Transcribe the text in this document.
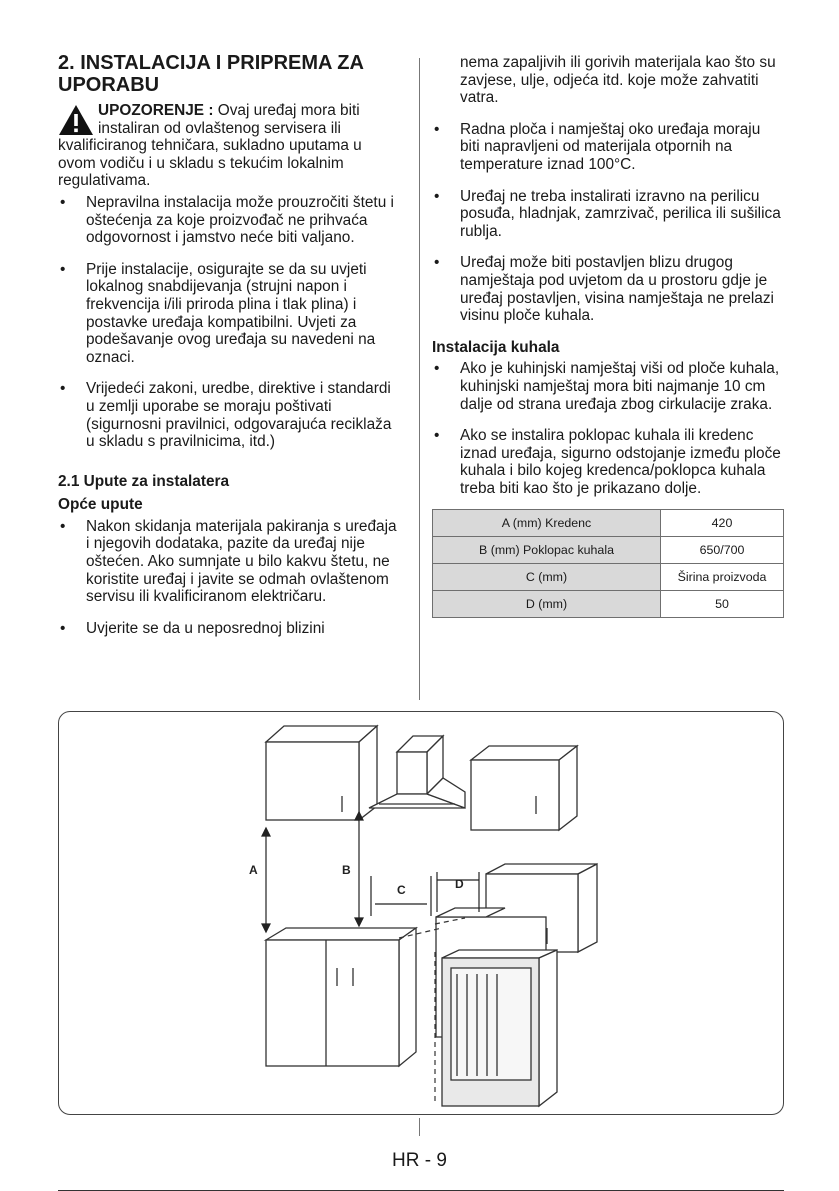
2. INSTALACIJA I PRIPREMA ZA UPORABU
UPOZORENJE : Ovaj uređaj mora biti instaliran od ovlaštenog servisera ili kvalificiranog tehničara, sukladno uputama u ovom vodiču i u skladu s tekućim lokalnim regulativama.
• Nepravilna instalacija može prouzročiti štetu i oštećenja za koje proizvođač ne prihvaća odgovornost i jamstvo neće biti valjano.
• Prije instalacije, osigurajte se da su uvjeti lokalnog snabdijevanja (strujni napon i frekvencija i/ili priroda plina i tlak plina) i postavke uređaja kompatibilni. Uvjeti za podešavanje ovog uređaja su navedeni na oznaci.
• Vrijedeći zakoni, uredbe, direktive i standardi u zemlji uporabe se moraju poštivati (sigurnosni pravilnici, odgovarajuća reciklaža u skladu s pravilnicima, itd.)

2.1 Upute za instalatera

Opće upute

• Nakon skidanja materijala pakiranja s uređaja i njegovih dodataka, pazite da uređaj nije oštećen. Ako sumnjate u bilo kakvu štetu, ne koristite uređaj i javite se odmah ovlaštenom servisu ili kvalificiranom električaru.
• Uvjerite se da u neposrednoj blizini
nema zapaljivih ili gorivih materijala kao što su zavjese, ulje, odjeća itd. koje može zahvatiti vatra.
• Radna ploča i namještaj oko uređaja moraju biti napravljeni od materijala otpornih na temperature iznad 100°C.
• Uređaj ne treba instalirati izravno na perilicu posuđa, hladnjak, zamrzivač, perilica ili sušilica rublja.
• Uređaj može biti postavljen blizu drugog namještaja pod uvjetom da u prostoru gdje je uređaj postavljen, visina namještaja ne prelazi visinu ploče kuhala.

Instalacija kuhala

• Ako je kuhinjski namještaj viši od ploče kuhala, kuhinjski namještaj mora biti najmanje 10 cm dalje od strana uređaja zbog cirkulacije zraka.
• Ako se instalira poklopac kuhala ili kredenc iznad uređaja, sigurno odstojanje između ploče kuhala i bilo kojeg kredenca/poklopca kuhala treba biti kao što je prikazano dolje.
A (mm) Kredenc	420
B (mm) Poklopac kuhala	650/700
C (mm)	Širina proizvoda
D (mm)	50
A	B
C	D
HR - 9
